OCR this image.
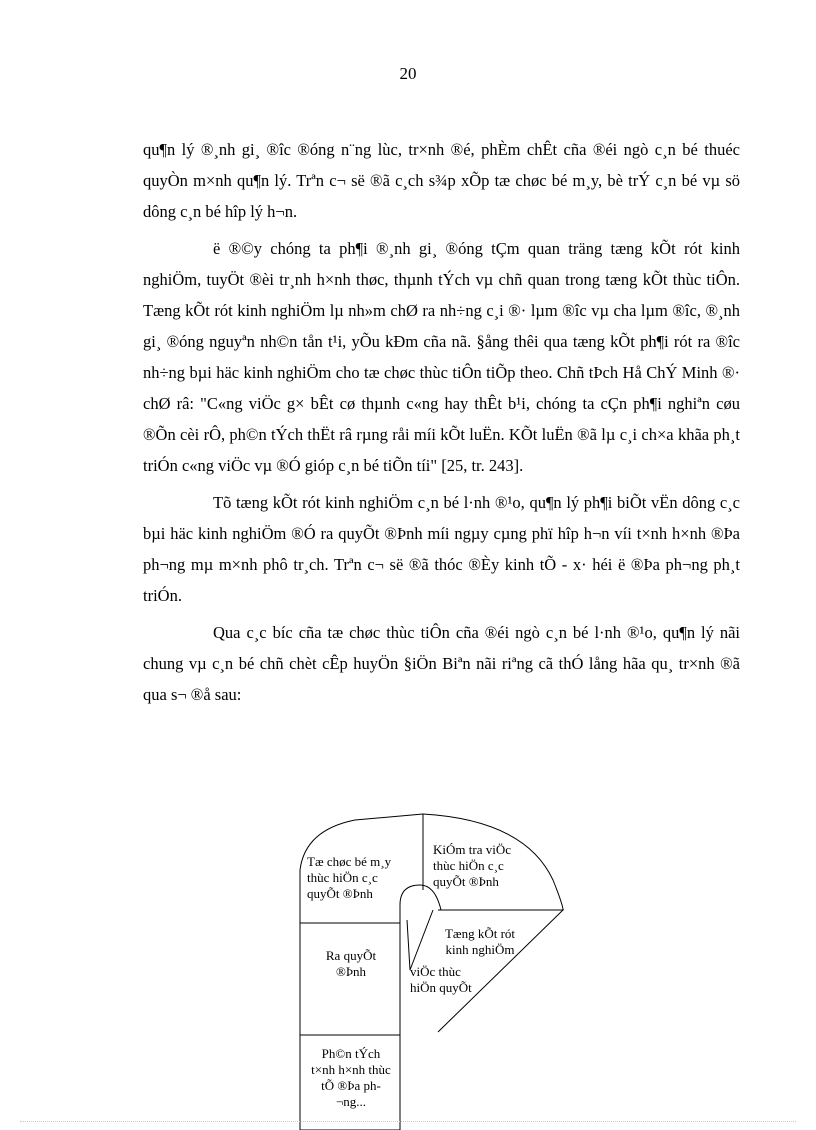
20

qu¶n lý ®¸nh gi¸ ®îc ®óng n¨ng lùc, tr×nh ®é, phÈm chÊt cña ®éi ngò c¸n bé thuéc quyÒn m×nh qu¶n lý. Trªn c¬ së ®ã c¸ch s¾p xÕp tæ chøc bé m¸y, bè trÝ c¸n bé vµ sö dông c¸n bé hîp lý h¬n.

ë ®©y chóng ta ph¶i ®¸nh gi¸ ®óng tÇm quan träng tæng kÕt rót kinh nghiÖm, tuyÖt ®èi tr¸nh h×nh thøc, thµnh tÝch vµ chñ quan trong tæng kÕt thùc tiÔn. Tæng kÕt rót kinh nghiÖm lµ nh»m chØ ra nh÷ng c¸i ®· lµm ®îc vµ cha lµm ®îc, ®¸nh gi¸ ®óng nguyªn nh©n tån t¹i, yÕu kÐm cña nã. §ång thêi qua tæng kÕt ph¶i rót ra ®îc nh÷ng bµi häc kinh nghiÖm cho tæ chøc thùc tiÔn tiÕp theo. Chñ tÞch Hå ChÝ Minh ®· chØ râ: "C«ng viÖc g× bÊt cø thµnh c«ng hay thÊt b¹i, chóng ta cÇn ph¶i nghiªn cøu ®Õn cèi rÔ, ph©n tÝch thËt râ rµng råi míi kÕt luËn. KÕt luËn ®ã lµ c¸i ch×a khãa ph¸t triÓn c«ng viÖc vµ ®Ó gióp c¸n bé tiÕn tíi" [25, tr. 243].

Tõ tæng kÕt rót kinh nghiÖm c¸n bé l·nh ®¹o, qu¶n lý ph¶i biÕt vËn dông c¸c bµi häc kinh nghiÖm ®Ó ra quyÕt ®Þnh míi ngµy cµng phï hîp h¬n víi t×nh h×nh ®Þa ph¬ng mµ m×nh phô tr¸ch. Trªn c¬ së ®ã thóc ®Èy kinh tÕ - x· héi ë ®Þa ph¬ng ph¸t triÓn.

Qua c¸c bíc cña tæ chøc thùc tiÔn cña ®éi ngò c¸n bé l·nh ®¹o, qu¶n lý nãi chung vµ c¸n bé chñ chèt cÊp huyÖn §iÖn Biªn nãi riªng cã thÓ lång hãa qu¸ tr×nh ®ã qua s¬ ®å sau:

Tæ chøc bé m¸y thùc hiÖn c¸c quyÕt ®Þnh
KiÓm tra viÖc thùc hiÖn c¸c quyÕt ®Þnh
Ra quyÕt ®Þnh
Tæng kÕt rót kinh nghiÖm
viÖc thùc hiÖn quyÕt
Ph©n tÝch t×nh h×nh thùc tÕ ®Þa ph¬ng...
